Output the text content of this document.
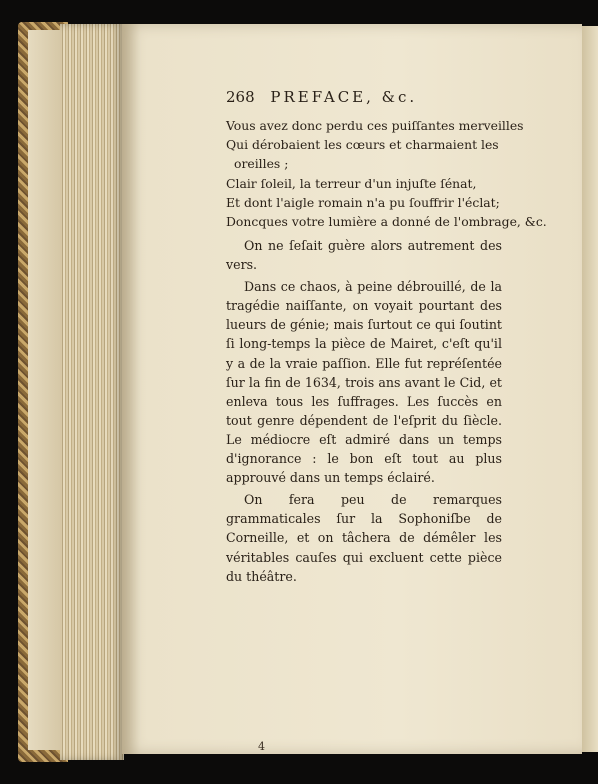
268 PREFACE, &c.
Vous avez donc perdu ces puiſſantes merveilles
Qui dérobaient les cœurs et charmaient les
oreilles ;
Clair ſoleil, la terreur d'un injuſte ſénat,
Et dont l'aigle romain n'a pu ſouffrir l'éclat;
Doncques votre lumière a donné de l'ombrage, &c.

On ne ſeſait guère alors autrement des vers.

Dans ce chaos, à peine débrouillé, de la tragédie naiſſante, on voyait pourtant des lueurs de génie; mais ſurtout ce qui ſoutint ſi long-temps la pièce de Mairet, c'eſt qu'il y a de la vraie paſſion. Elle fut repréſentée ſur la fin de 1634, trois ans avant le Cid, et enleva tous les ſuffrages. Les ſuccès en tout genre dépendent de l'eſprit du ſiècle. Le médiocre eſt admiré dans un temps d'ignorance : le bon eſt tout au plus approuvé dans un temps éclairé.

On fera peu de remarques grammaticales ſur la Sophoniſbe de Corneille, et on tâchera de démêler les véritables cauſes qui excluent cette pièce du théâtre.

4
